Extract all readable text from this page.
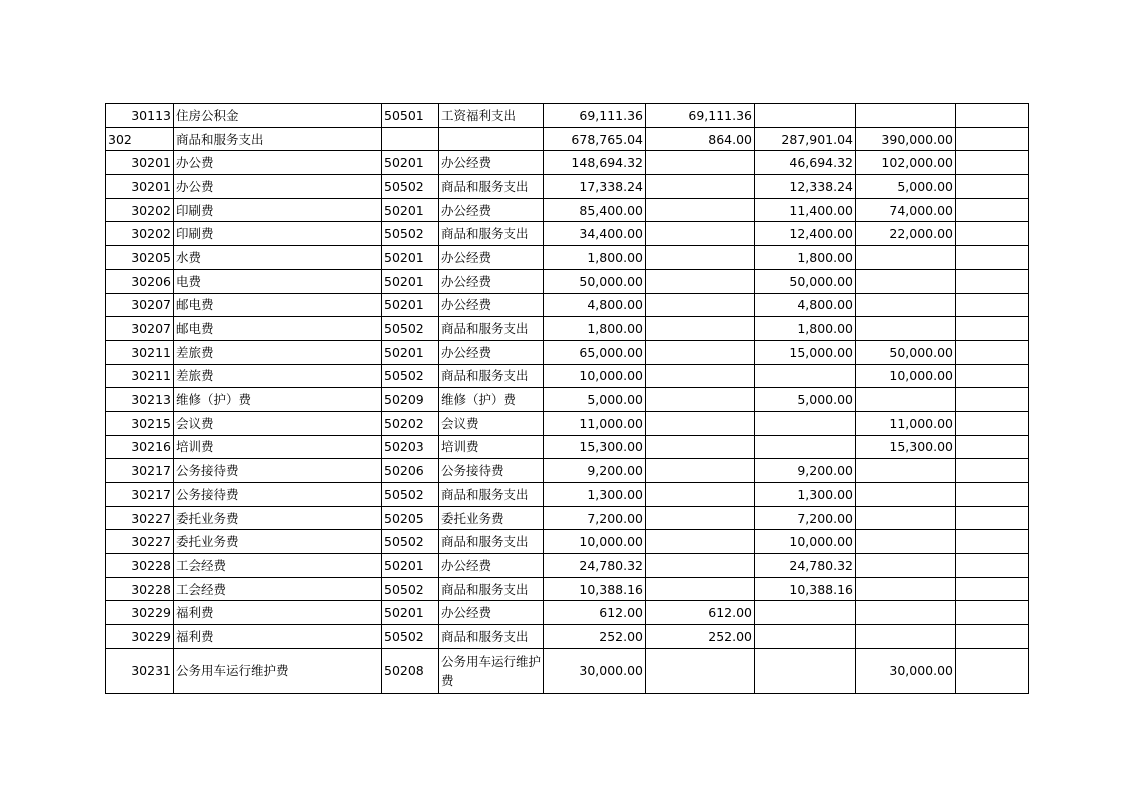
30113	住房公积金	50501	工资福利支出	69,111.36	69,111.36			
302	商品和服务支出			678,765.04	864.00	287,901.04	390,000.00	
30201	办公费	50201	办公经费	148,694.32		46,694.32	102,000.00	
30201	办公费	50502	商品和服务支出	17,338.24		12,338.24	5,000.00	
30202	印刷费	50201	办公经费	85,400.00		11,400.00	74,000.00	
30202	印刷费	50502	商品和服务支出	34,400.00		12,400.00	22,000.00	
30205	水费	50201	办公经费	1,800.00		1,800.00		
30206	电费	50201	办公经费	50,000.00		50,000.00		
30207	邮电费	50201	办公经费	4,800.00		4,800.00		
30207	邮电费	50502	商品和服务支出	1,800.00		1,800.00		
30211	差旅费	50201	办公经费	65,000.00		15,000.00	50,000.00	
30211	差旅费	50502	商品和服务支出	10,000.00			10,000.00	
30213	维修（护）费	50209	维修（护）费	5,000.00		5,000.00		
30215	会议费	50202	会议费	11,000.00			11,000.00	
30216	培训费	50203	培训费	15,300.00			15,300.00	
30217	公务接待费	50206	公务接待费	9,200.00		9,200.00		
30217	公务接待费	50502	商品和服务支出	1,300.00		1,300.00		
30227	委托业务费	50205	委托业务费	7,200.00		7,200.00		
30227	委托业务费	50502	商品和服务支出	10,000.00		10,000.00		
30228	工会经费	50201	办公经费	24,780.32		24,780.32		
30228	工会经费	50502	商品和服务支出	10,388.16		10,388.16		
30229	福利费	50201	办公经费	612.00	612.00			
30229	福利费	50502	商品和服务支出	252.00	252.00			
30231	公务用车运行维护费	50208	公务用车运行维护费	30,000.00			30,000.00	
